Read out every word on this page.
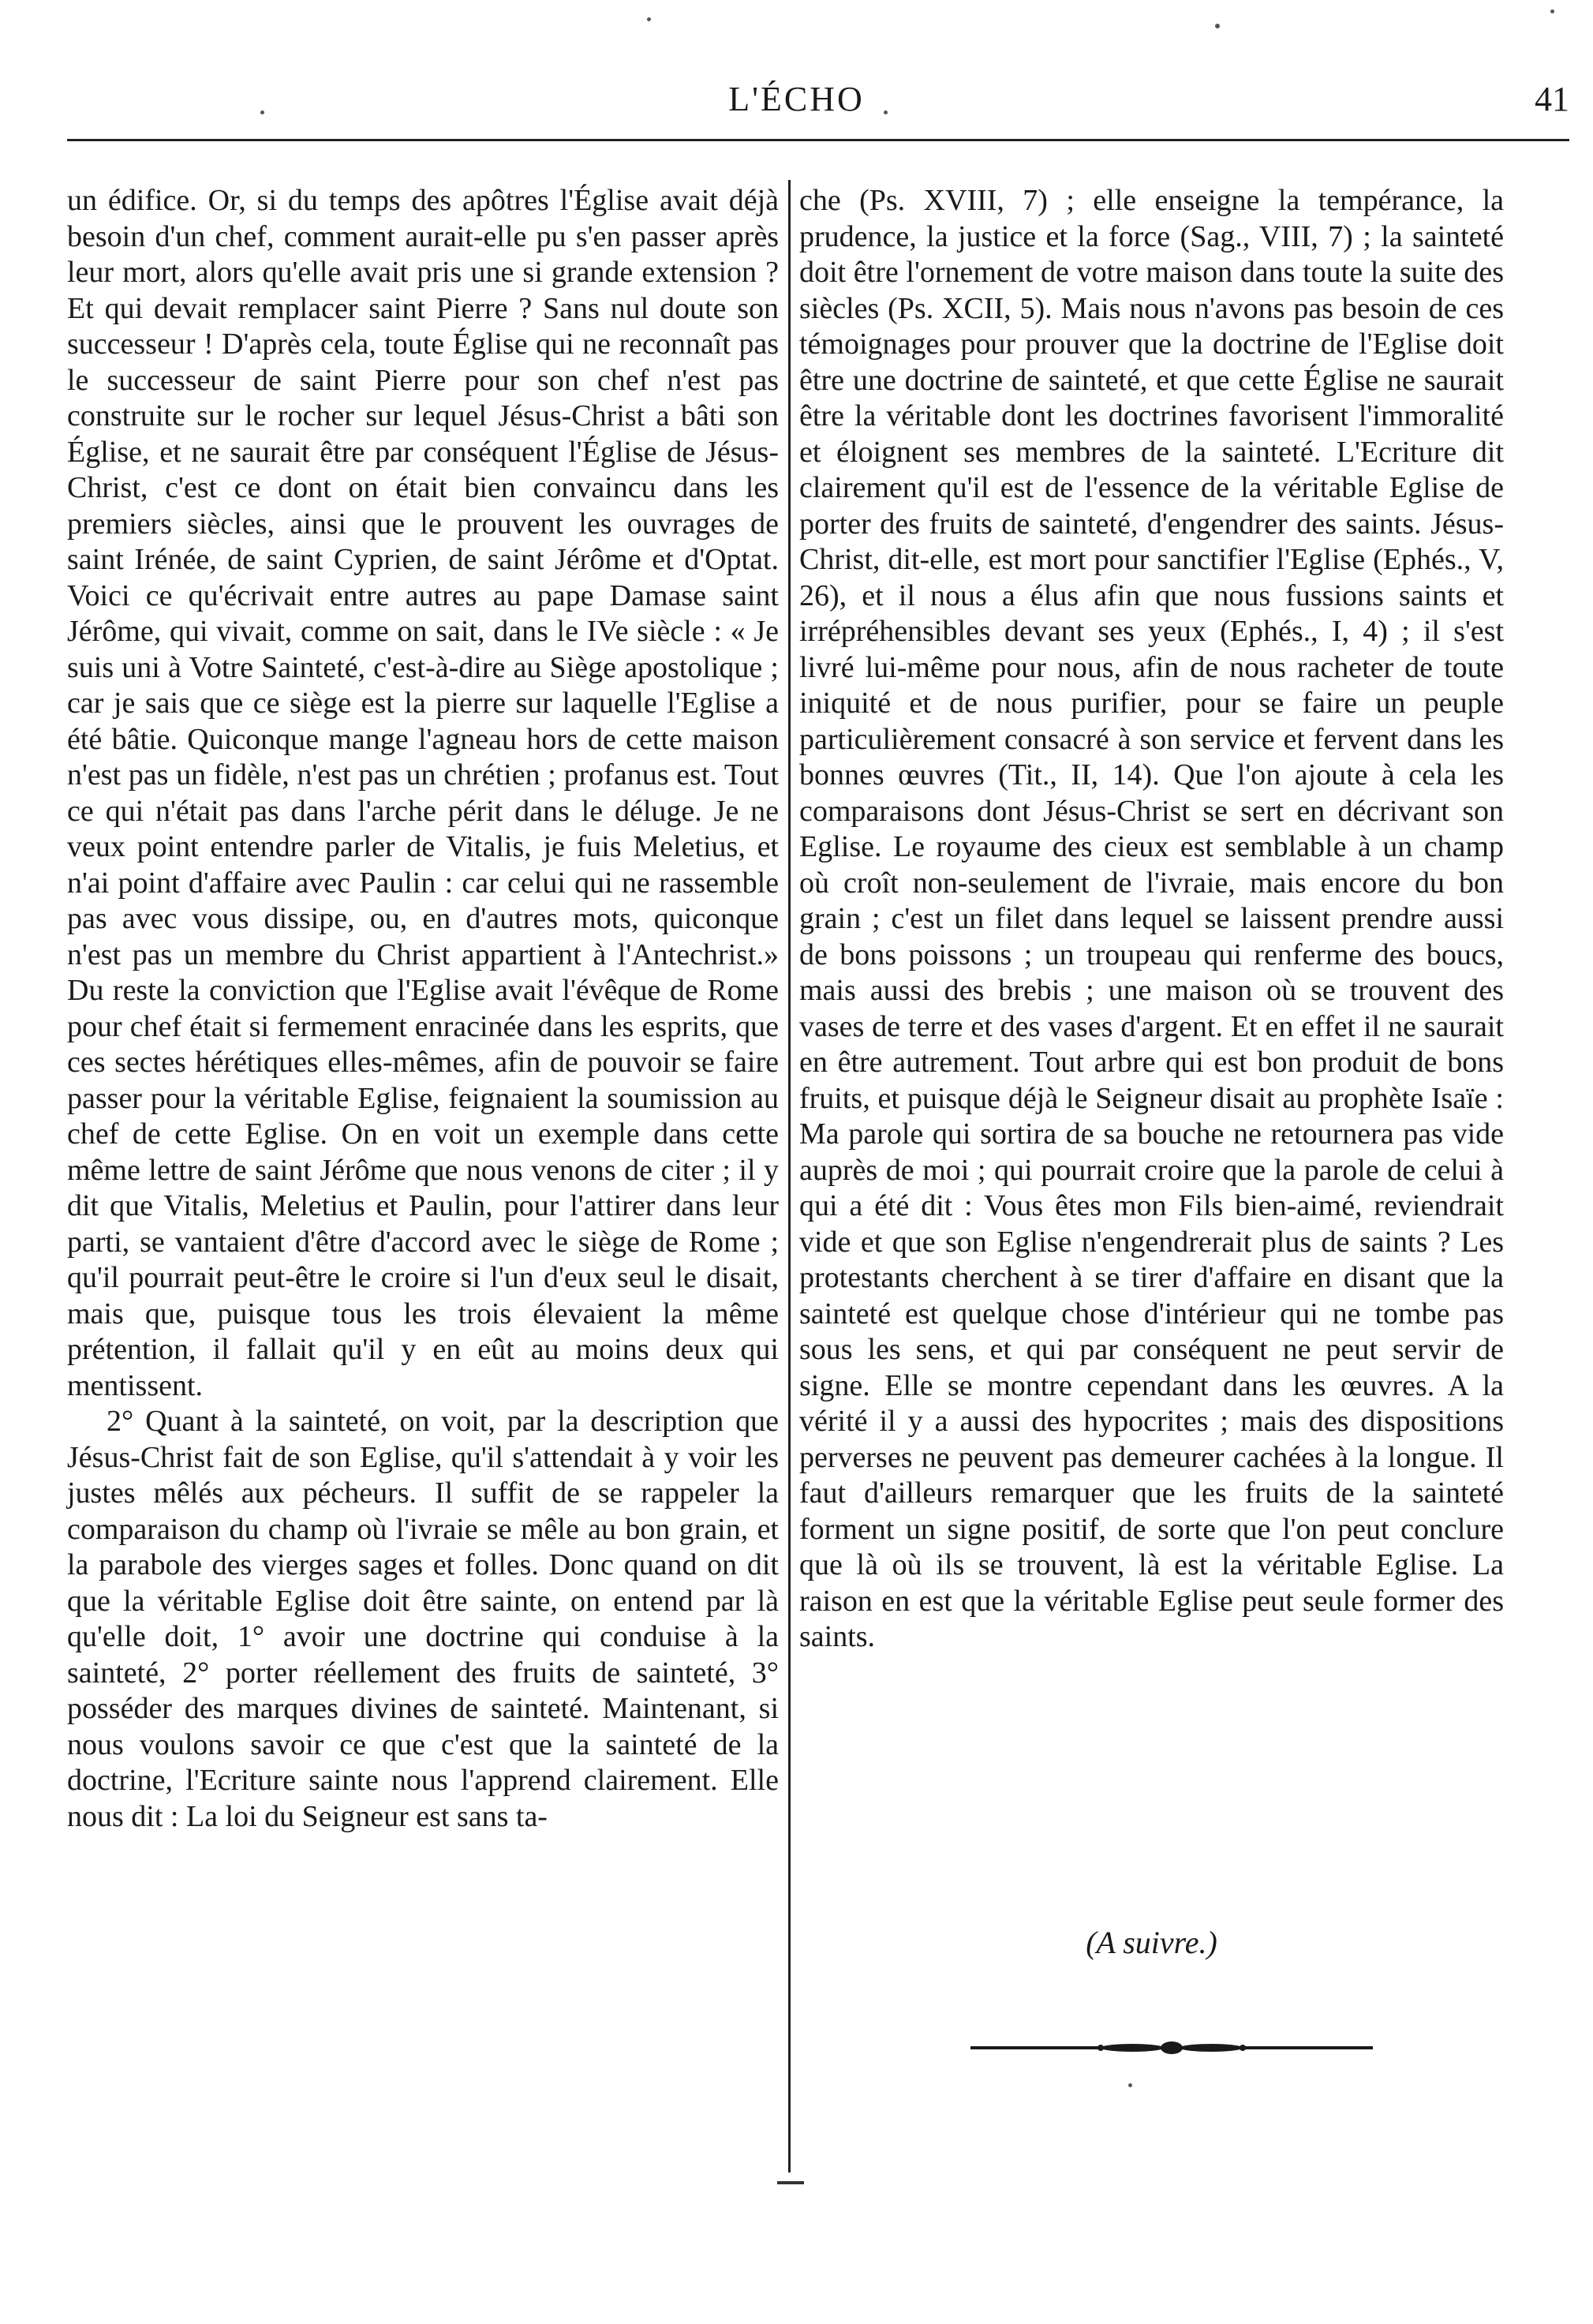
L'ÉCHO	41

un édifice. Or, si du temps des apôtres l'Église avait déjà besoin d'un chef, comment aurait-elle pu s'en passer après leur mort, alors qu'elle avait pris une si grande extension ? Et qui devait remplacer saint Pierre ? Sans nul doute son successeur ! D'après cela, toute Église qui ne reconnaît pas le successeur de saint Pierre pour son chef n'est pas construite sur le rocher sur lequel Jésus-Christ a bâti son Église, et ne saurait être par conséquent l'Église de Jésus-Christ, c'est ce dont on était bien convaincu dans les premiers siècles, ainsi que le prouvent les ouvrages de saint Irénée, de saint Cyprien, de saint Jérôme et d'Optat. Voici ce qu'écrivait entre autres au pape Damase saint Jérôme, qui vivait, comme on sait, dans le IVe siècle : « Je suis uni à Votre Sainteté, c'est-à-dire au Siège apostolique ; car je sais que ce siège est la pierre sur laquelle l'Eglise a été bâtie. Quiconque mange l'agneau hors de cette maison n'est pas un fidèle, n'est pas un chrétien ; profanus est. Tout ce qui n'était pas dans l'arche périt dans le déluge. Je ne veux point entendre parler de Vitalis, je fuis Meletius, et n'ai point d'affaire avec Paulin : car celui qui ne rassemble pas avec vous dissipe, ou, en d'autres mots, quiconque n'est pas un membre du Christ appartient à l'Antechrist.» Du reste la conviction que l'Eglise avait l'évêque de Rome pour chef était si fermement enracinée dans les esprits, que ces sectes hérétiques elles-mêmes, afin de pouvoir se faire passer pour la véritable Eglise, feignaient la soumission au chef de cette Eglise. On en voit un exemple dans cette même lettre de saint Jérôme que nous venons de citer ; il y dit que Vitalis, Meletius et Paulin, pour l'attirer dans leur parti, se vantaient d'être d'accord avec le siège de Rome ; qu'il pourrait peut-être le croire si l'un d'eux seul le disait, mais que, puisque tous les trois élevaient la même prétention, il fallait qu'il y en eût au moins deux qui mentissent.

2° Quant à la sainteté, on voit, par la description que Jésus-Christ fait de son Eglise, qu'il s'attendait à y voir les justes mêlés aux pécheurs. Il suffit de se rappeler la comparaison du champ où l'ivraie se mêle au bon grain, et la parabole des vierges sages et folles. Donc quand on dit que la véritable Eglise doit être sainte, on entend par là qu'elle doit, 1° avoir une doctrine qui conduise à la sainteté, 2° porter réellement des fruits de sainteté, 3° posséder des marques divines de sainteté. Maintenant, si nous voulons savoir ce que c'est que la sainteté de la doctrine, l'Ecriture sainte nous l'apprend clairement. Elle nous dit : La loi du Seigneur est sans ta-

che (Ps. XVIII, 7) ; elle enseigne la tempérance, la prudence, la justice et la force (Sag., VIII, 7) ; la sainteté doit être l'ornement de votre maison dans toute la suite des siècles (Ps. XCII, 5). Mais nous n'avons pas besoin de ces témoignages pour prouver que la doctrine de l'Eglise doit être une doctrine de sainteté, et que cette Église ne saurait être la véritable dont les doctrines favorisent l'immoralité et éloignent ses membres de la sainteté. L'Ecriture dit clairement qu'il est de l'essence de la véritable Eglise de porter des fruits de sainteté, d'engendrer des saints. Jésus-Christ, dit-elle, est mort pour sanctifier l'Eglise (Ephés., V, 26), et il nous a élus afin que nous fussions saints et irrépréhensibles devant ses yeux (Ephés., I, 4) ; il s'est livré lui-même pour nous, afin de nous racheter de toute iniquité et de nous purifier, pour se faire un peuple particulièrement consacré à son service et fervent dans les bonnes œuvres (Tit., II, 14). Que l'on ajoute à cela les comparaisons dont Jésus-Christ se sert en décrivant son Eglise. Le royaume des cieux est semblable à un champ où croît non-seulement de l'ivraie, mais encore du bon grain ; c'est un filet dans lequel se laissent prendre aussi de bons poissons ; un troupeau qui renferme des boucs, mais aussi des brebis ; une maison où se trouvent des vases de terre et des vases d'argent. Et en effet il ne saurait en être autrement. Tout arbre qui est bon produit de bons fruits, et puisque déjà le Seigneur disait au prophète Isaïe : Ma parole qui sortira de sa bouche ne retournera pas vide auprès de moi ; qui pourrait croire que la parole de celui à qui a été dit : Vous êtes mon Fils bien-aimé, reviendrait vide et que son Eglise n'engendrerait plus de saints ? Les protestants cherchent à se tirer d'affaire en disant que la sainteté est quelque chose d'intérieur qui ne tombe pas sous les sens, et qui par conséquent ne peut servir de signe. Elle se montre cependant dans les œuvres. A la vérité il y a aussi des hypocrites ; mais des dispositions perverses ne peuvent pas demeurer cachées à la longue. Il faut d'ailleurs remarquer que les fruits de la sainteté forment un signe positif, de sorte que l'on peut conclure que là où ils se trouvent, là est la véritable Eglise. La raison en est que la véritable Eglise peut seule former des saints.

(A suivre.)
